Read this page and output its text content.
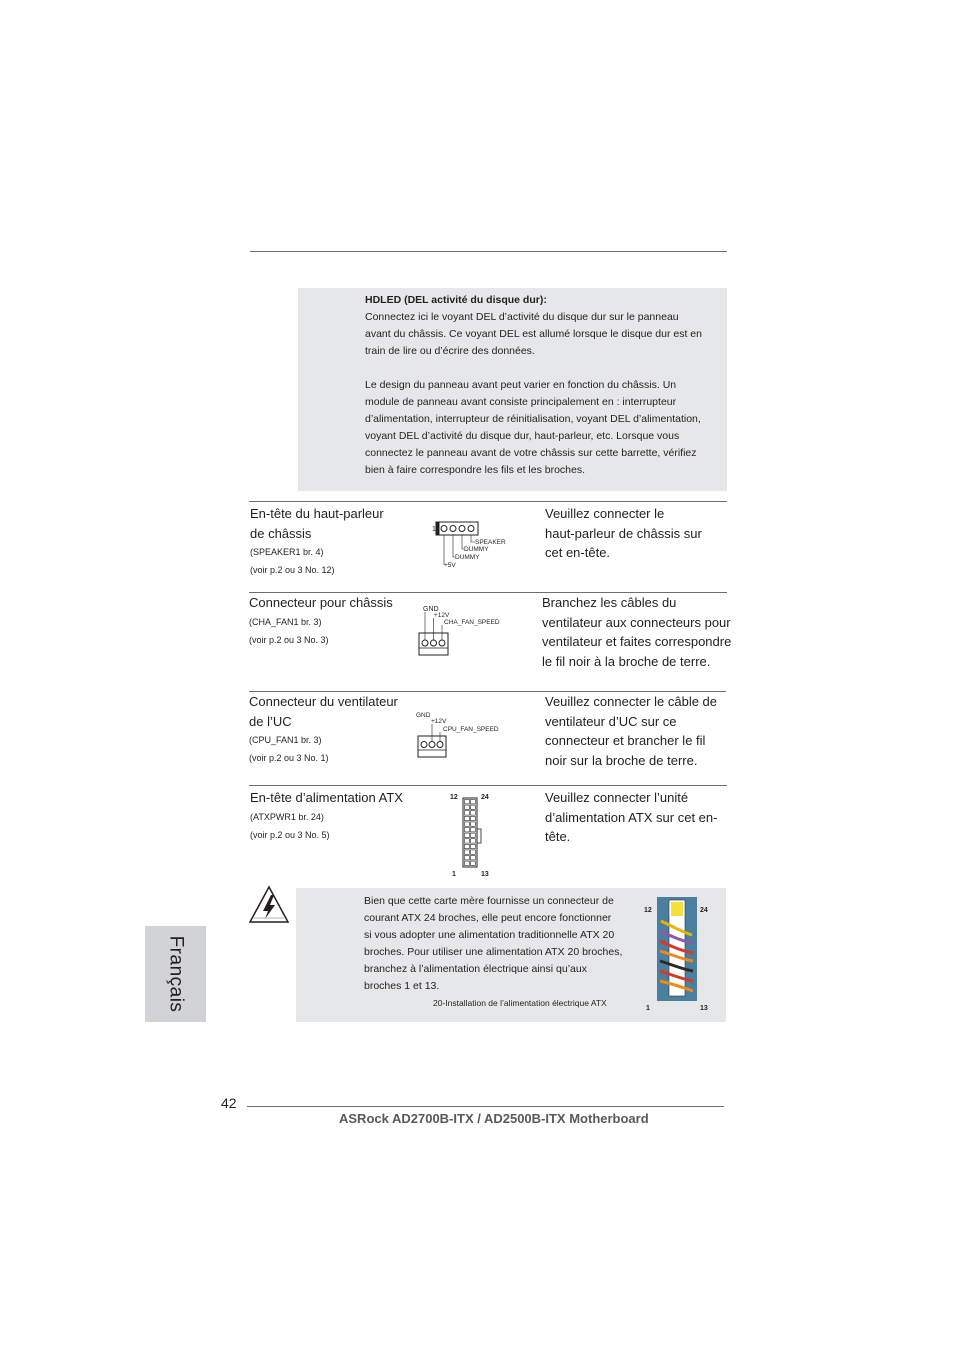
HDLED (DEL activité du disque dur):
Connectez ici le voyant DEL d’activité du disque dur sur le panneau
avant du châssis. Ce voyant DEL est allumé lorsque le disque dur est en
train de lire ou d’écrire des données.
Le design du panneau avant peut varier en fonction du châssis. Un
module de panneau avant consiste principalement en : interrupteur
d’alimentation, interrupteur de réinitialisation, voyant DEL d’alimentation,
voyant DEL d’activité du disque dur, haut-parleur, etc. Lorsque vous
connectez le panneau avant de votre châssis sur cette barrette, vérifiez
bien à faire correspondre les fils et les broches.
En-tête du haut-parleur
de châssis
(SPEAKER1 br. 4)
(voir p.2 ou 3 No. 12)
1
SPEAKER
DUMMY
DUMMY
+5V
Veuillez connecter le
haut-parleur de châssis sur
cet en-tête.
Connecteur pour châssis
(CHA_FAN1 br. 3)
(voir p.2 ou 3 No. 3)
GND
+12V
CHA_FAN_SPEED
Branchez les câbles du
ventilateur aux connecteurs pour
ventilateur et faites correspondre
le fil noir à la broche de terre.
Connecteur du ventilateur
de l’UC
(CPU_FAN1 br. 3)
(voir p.2 ou 3 No. 1)
GND
+12V
CPU_FAN_SPEED
Veuillez connecter le câble de
ventilateur d’UC sur ce
connecteur et brancher le fil
noir sur la broche de terre.
En-tête d’alimentation ATX
(ATXPWR1 br. 24)
(voir p.2 ou 3 No. 5)
12	24
1	13
Veuillez connecter l’unité
d’alimentation ATX sur cet en-
tête.
Bien que cette carte mère fournisse un connecteur de
courant ATX 24 broches, elle peut encore fonctionner
si vous adopter une alimentation traditionnelle ATX 20
broches. Pour utiliser une alimentation ATX 20 broches,
branchez à l’alimentation électrique ainsi qu’aux
broches 1 et 13.
20-Installation de l’alimentation électrique ATX
12	24
1	13
Français
42
ASRock AD2700B-ITX / AD2500B-ITX Motherboard
